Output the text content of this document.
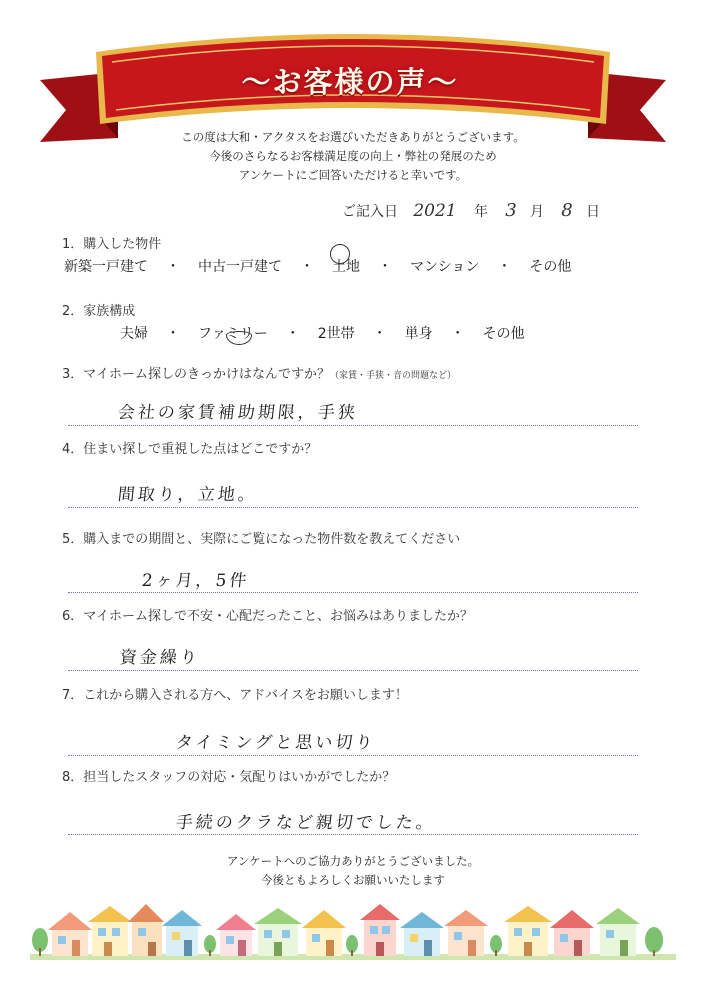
～お客様の声～
この度は大和・アクタスをお選びいただきありがとうございます。
今後のさらなるお客様満足度の向上・弊社の発展のため
アンケートにご回答いただけると幸いです。
ご記入日 2021	年 3 月 8 日
1．購入した物件
新築一戸建て ・ 中古一戸建て ・ 土地 ・ マンション ・ その他
2．家族構成
夫婦 ・ ファミリー ・ 2世帯 ・ 単身 ・ その他
3．マイホーム探しのきっかけはなんですか？（家賃・手狭・音の問題など）
会社の家賃補助期限，手狭
4．住まい探しで重視した点はどこですか？
間取り，立地。
5．購入までの期間と、実際にご覧になった物件数を教えてください
2ヶ月，5件
6．マイホーム探しで不安・心配だったこと、お悩みはありましたか？
資金繰り
7．これから購入される方へ、アドバイスをお願いします！
タイミングと思い切り
8．担当したスタッフの対応・気配りはいかがでしたか？
手続のクラなど親切でした。
アンケートへのご協力ありがとうございました。
今後ともよろしくお願いいたします
